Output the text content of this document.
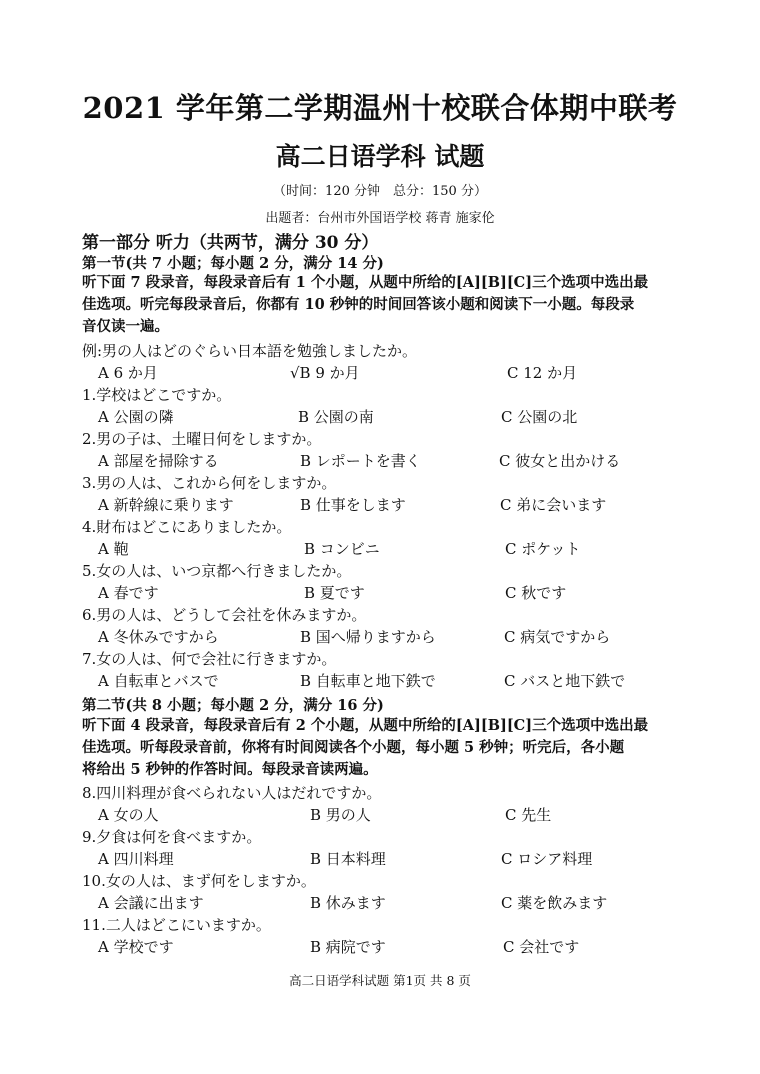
2021 学年第二学期温州十校联合体期中联考
高二日语学科 试题
（时间：120 分钟　总分：150 分）
出题者：台州市外国语学校 蒋青 施家伦
第一部分 听力（共两节，满分 30 分）
第一节(共 7 小题；每小题 2 分，满分 14 分)
听下面 7 段录音，每段录音后有 1 个小题，从题中所给的[A][B][C]三个选项中选出最
佳选项。听完每段录音后，你都有 10 秒钟的时间回答该小题和阅读下一小题。每段录
音仅读一遍。
例:男の人はどのぐらい日本語を勉強しましたか。
A 6 か月	√B 9 か月	C 12 か月
1.学校はどこですか。
A 公園の隣	B 公園の南	C 公園の北
2.男の子は、土曜日何をしますか。
A 部屋を掃除する	B レポートを書く	C 彼女と出かける
3.男の人は、これから何をしますか。
A 新幹線に乗ります	B 仕事をします	C 弟に会います
4.財布はどこにありましたか。
A 鞄	B コンビニ	C ポケット
5.女の人は、いつ京都へ行きましたか。
A 春です	B 夏です	C 秋です
6.男の人は、どうして会社を休みますか。
A 冬休みですから	B 国へ帰りますから	C 病気ですから
7.女の人は、何で会社に行きますか。
A 自転車とバスで	B 自転車と地下鉄で	C バスと地下鉄で
第二节(共 8 小题；每小题 2 分，满分 16 分)
听下面 4 段录音，每段录音后有 2 个小题，从题中所给的[A][B][C]三个选项中选出最
佳选项。听每段录音前，你将有时间阅读各个小题，每小题 5 秒钟；听完后，各小题
将给出 5 秒钟的作答时间。每段录音读两遍。
8.四川料理が食べられない人はだれですか。
A 女の人	B 男の人	C 先生
9.夕食は何を食べますか。
A 四川料理	B 日本料理	C ロシア料理
10.女の人は、まず何をしますか。
A 会議に出ます	B 休みます	C 薬を飲みます
11.二人はどこにいますか。
A 学校です	B 病院です	C 会社です
高二日语学科试题 第1页 共 8 页
